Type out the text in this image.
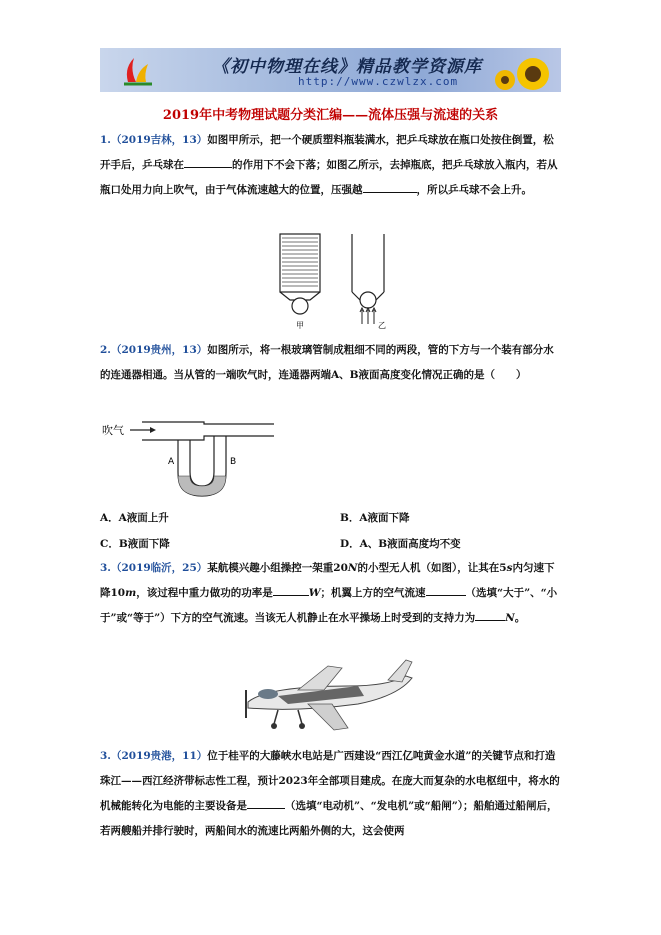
《初中物理在线》精品教学资源库
http://www.czwlzx.com
2019年中考物理试题分类汇编——流体压强与流速的关系
1.（2019吉林，13）如图甲所示，把一个硬质塑料瓶装满水，把乒乓球放在瓶口处按住倒置，松开手后，乒乓球在	的作用下不会下落；如图乙所示，去掉瓶底，把乒乓球放入瓶内，若从瓶口处用力向上吹气，由于气体流速越大的位置，压强越	，所以乒乓球不会上升。
甲	乙
2.（2019贵州，13）如图所示，将一根玻璃管制成粗细不同的两段，管的下方与一个装有部分水的连通器相通。当从管的一端吹气时，连通器两端A、B液面高度变化情况正确的是（　　）
吹气
A	B
A．A液面上升	B．A液面下降
C．B液面下降	D．A、B液面高度均不变
3.（2019临沂，25）某航模兴趣小组操控一架重20N的小型无人机（如图），让其在5s内匀速下降10m，该过程中重力做功的功率是	W；机翼上方的空气流速	（选填“大于”、“小于”或“等于”）下方的空气流速。当该无人机静止在水平操场上时受到的支持力为	N。
3.（2019贵港，11）位于桂平的大藤峡水电站是广西建设“西江亿吨黄金水道”的关键节点和打造珠江——西江经济带标志性工程，预计2023年全部项目建成。在庞大而复杂的水电枢纽中，将水的机械能转化为电能的主要设备是	（选填“电动机”、“发电机”或“船闸”）；船舶通过船闸后，若两艘船并排行驶时，两船间水的流速比两船外侧的大，这会使两
